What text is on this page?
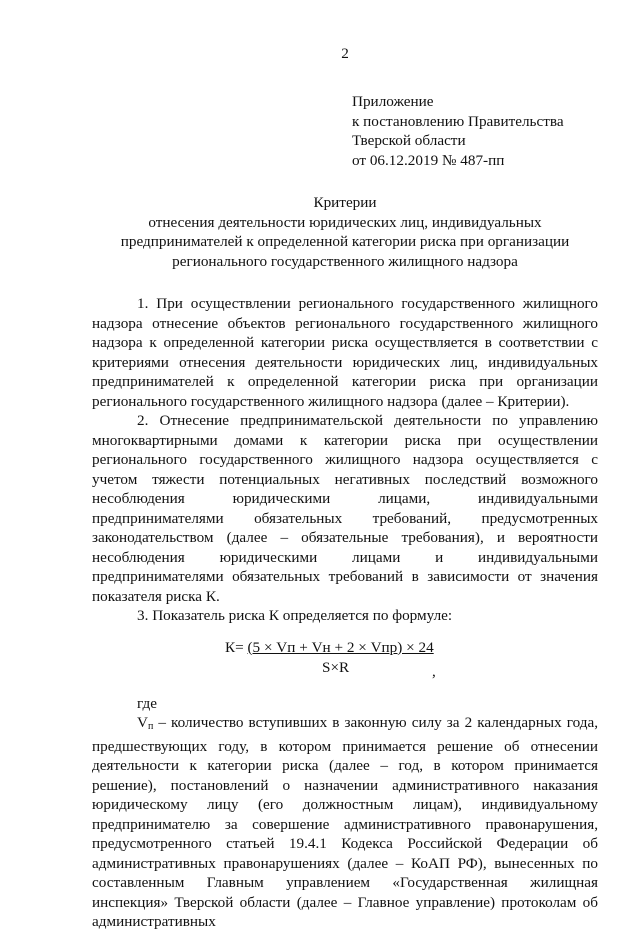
2
Приложение
к постановлению Правительства
Тверской области
от 06.12.2019 № 487-пп
Критерии
отнесения деятельности юридических лиц, индивидуальных
предпринимателей к определенной категории риска при организации
регионального государственного жилищного надзора

1. При осуществлении регионального государственного жилищного надзора отнесение объектов регионального государственного жилищного надзора к определенной категории риска осуществляется в соответствии с критериями отнесения деятельности юридических лиц, индивидуальных предпринимателей к определенной категории риска при организации регионального государственного жилищного надзора (далее – Критерии).

2. Отнесение предпринимательской деятельности по управлению многоквартирными домами к категории риска при осуществлении регионального государственного жилищного надзора осуществляется с учетом тяжести потенциальных негативных последствий возможного несоблюдения юридическими лицами, индивидуальными предпринимателями обязательных требований, предусмотренных законодательством (далее – обязательные требования), и вероятности несоблюдения юридическими лицами и индивидуальными предпринимателями обязательных требований в зависимости от значения показателя риска К.

3. Показатель риска К определяется по формуле:

К= (5 × Vп + Vн + 2 × Vпр) × 24
S×R	,

где

$V_п$ – количество вступивших в законную силу за 2 календарных года, предшествующих году, в котором принимается решение об отнесении деятельности к категории риска (далее – год, в котором принимается решение), постановлений о назначении административного наказания юридическому лицу (его должностным лицам), индивидуальному предпринимателю за совершение административного правонарушения, предусмотренного статьей 19.4.1 Кодекса Российской Федерации об административных правонарушениях (далее – КоАП РФ), вынесенных по составленным Главным управлением «Государственная жилищная инспекция» Тверской области (далее – Главное управление) протоколам об административных
